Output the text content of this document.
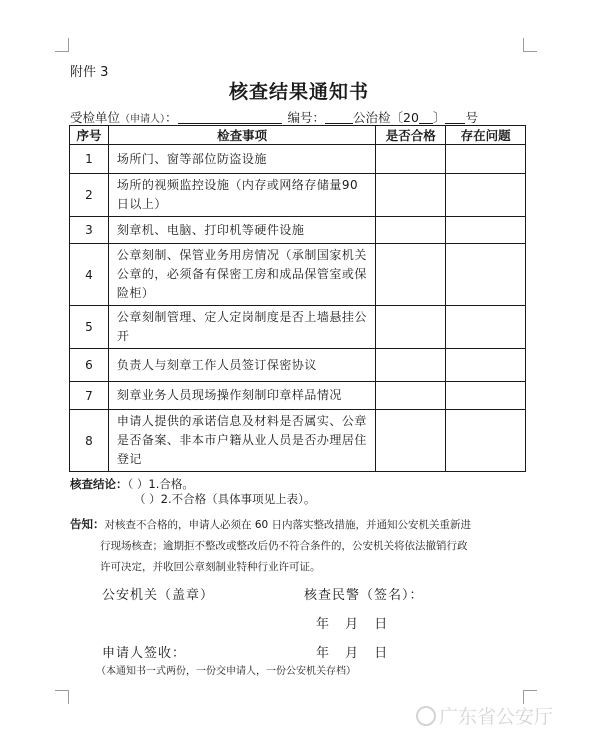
附件 3
核查结果通知书
受检单位（申请人）：	编号： 公治检〔20 〕 号
序号	检查事项	是否合格	存在问题
1	场所门、窗等部位防盗设施		
2	场所的视频监控设施（内存或网络存储量90 日以上）		
3	刻章机、电脑、打印机等硬件设施		
4	公章刻制、保管业务用房情况（承制国家机关公章的，必须备有保密工房和成品保管室或保险柜）		
5	公章刻制管理、定人定岗制度是否上墙悬挂公开		
6	负责人与刻章工作人员签订保密协议		
7	刻章业务人员现场操作刻制印章样品情况		
8	申请人提供的承诺信息及材料是否属实、公章是否备案、非本市户籍从业人员是否办理居住登记		
核查结论：（ ）1.合格。
（ ）2.不合格（具体事项见上表）。
告知：对核查不合格的，申请人必须在 60 日内落实整改措施，并通知公安机关重新进
行现场核查；逾期拒不整改或整改后仍不符合条件的，公安机关将依法撤销行政
许可决定，并收回公章刻制业特种行业许可证。
公安机关（盖章）	核查民警（签名）：
年 月 日
申请人签收：	年 月 日
（本通知书一式两份，一份交申请人，一份公安机关存档）
广东省公安厅
